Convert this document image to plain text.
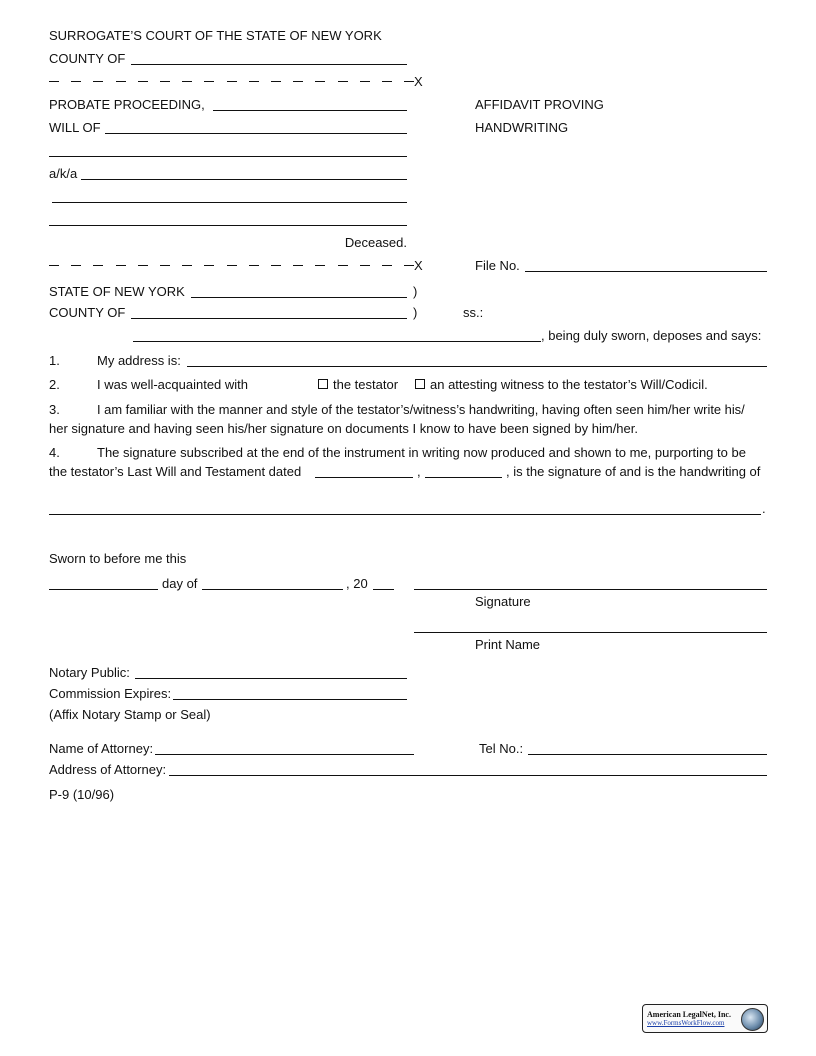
SURROGATE’S COURT OF THE STATE OF NEW YORK
COUNTY OF
X
PROBATE PROCEEDING,	AFFIDAVIT PROVING
HANDWRITING
WILL OF
a/k/a
Deceased.
X	File No.
STATE OF NEW YORK	)
COUNTY OF	)	ss.:
, being duly sworn, deposes and says:
1.	My address is:
2.	I was well-acquainted with	the testator an attesting witness to the testator’s Will/Codicil.
3.	I am familiar with the manner and style of the testator’s/witness’s handwriting, having often seen him/her write his/
her signature and having seen his/her signature on documents I know to have been signed by him/her.
4.	The signature subscribed at the end of the instrument in writing now produced and shown to me, purporting to be
the testator’s Last Will and Testament dated	,	, is the signature of and is the handwriting of
.
Sworn to before me this
day of	, 20
Signature
Print Name
Notary Public:
Commission Expires:
(Affix Notary Stamp or Seal)
Name of Attorney:	Tel No.:
Address of Attorney:
P-9 (10/96)
American LegalNet, Inc.
www.FormsWorkFlow.com
